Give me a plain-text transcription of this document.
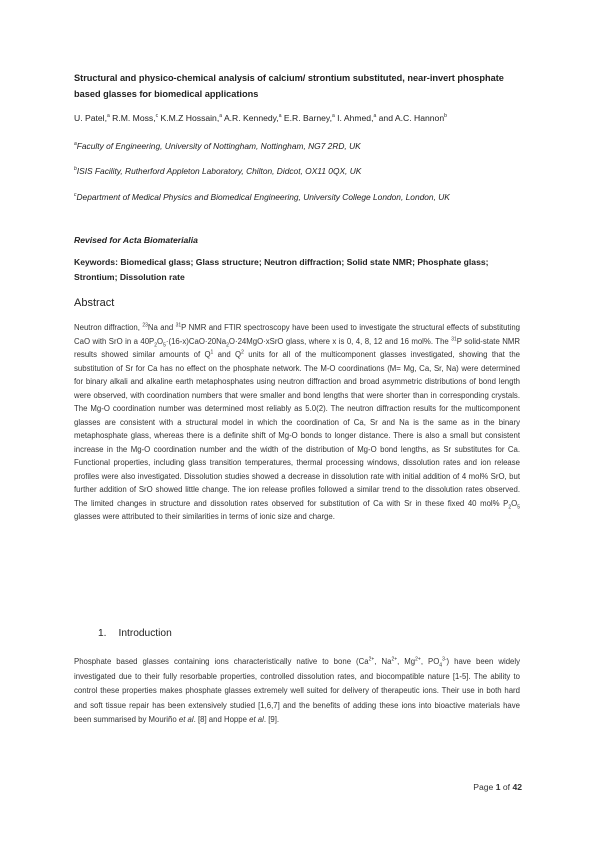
Structural and physico-chemical analysis of calcium/ strontium substituted, near-invert phosphate based glasses for biomedical applications

U. Patel,$^a$ R.M. Moss,$^c$ K.M.Z Hossain,$^a$ A.R. Kennedy,$^a$ E.R. Barney,$^a$ I. Ahmed,$^a$ and A.C. Hannon$^b$

$^a$Faculty of Engineering, University of Nottingham, Nottingham, NG7 2RD, UK

$^b$ISIS Facility, Rutherford Appleton Laboratory, Chilton, Didcot, OX11 0QX, UK

$^c$Department of Medical Physics and Biomedical Engineering, University College London, London, UK

Revised for Acta Biomaterialia

Keywords: Biomedical glass; Glass structure; Neutron diffraction; Solid state NMR; Phosphate glass; Strontium; Dissolution rate

Abstract

Neutron diffraction, $^{23}$Na and $^{31}$P NMR and FTIR spectroscopy have been used to investigate the structural effects of substituting CaO with SrO in a $40P_2O_5\cdot(16-x)CaO\cdot 20Na_2O\cdot 24MgO\cdot xSrO$ glass, where x is 0, 4, 8, 12 and 16 mol%. The $^{31}$P solid-state NMR results showed similar amounts of $Q^1$ and $Q^2$ units for all of the multicomponent glasses investigated, showing that the substitution of Sr for Ca has no effect on the phosphate network. The M-O coordinations (M= Mg, Ca, Sr, Na) were determined for binary alkali and alkaline earth metaphosphates using neutron diffraction and broad asymmetric distributions of bond length were observed, with coordination numbers that were smaller and bond lengths that were shorter than in corresponding crystals. The Mg-O coordination number was determined most reliably as 5.0(2). The neutron diffraction results for the multicomponent glasses are consistent with a structural model in which the coordination of Ca, Sr and Na is the same as in the binary metaphosphate glass, whereas there is a definite shift of Mg-O bonds to longer distance. There is also a small but consistent increase in the Mg-O coordination number and the width of the distribution of Mg-O bond lengths, as Sr substitutes for Ca. Functional properties, including glass transition temperatures, thermal processing windows, dissolution rates and ion release profiles were also investigated. Dissolution studies showed a decrease in dissolution rate with initial addition of 4 mol% SrO, but further addition of SrO showed little change. The ion release profiles followed a similar trend to the dissolution rates observed. The limited changes in structure and dissolution rates observed for substitution of Ca with Sr in these fixed 40 mol% $P_2O_5$ glasses were attributed to their similarities in terms of ionic size and charge.

1. Introduction

Phosphate based glasses containing ions characteristically native to bone ($Ca^{2+}$, $Na^{2+}$, $Mg^{2+}$, $PO_4^{3-}$) have been widely investigated due to their fully resorbable properties, controlled dissolution rates, and biocompatible nature [1-5]. The ability to control these properties makes phosphate glasses extremely well suited for delivery of therapeutic ions. Their use in both hard and soft tissue repair has been extensively studied [1,6,7] and the benefits of adding these ions into bioactive materials have been summarised by Mouriño et al. [8] and Hoppe et al. [9].

Page 1 of 42
